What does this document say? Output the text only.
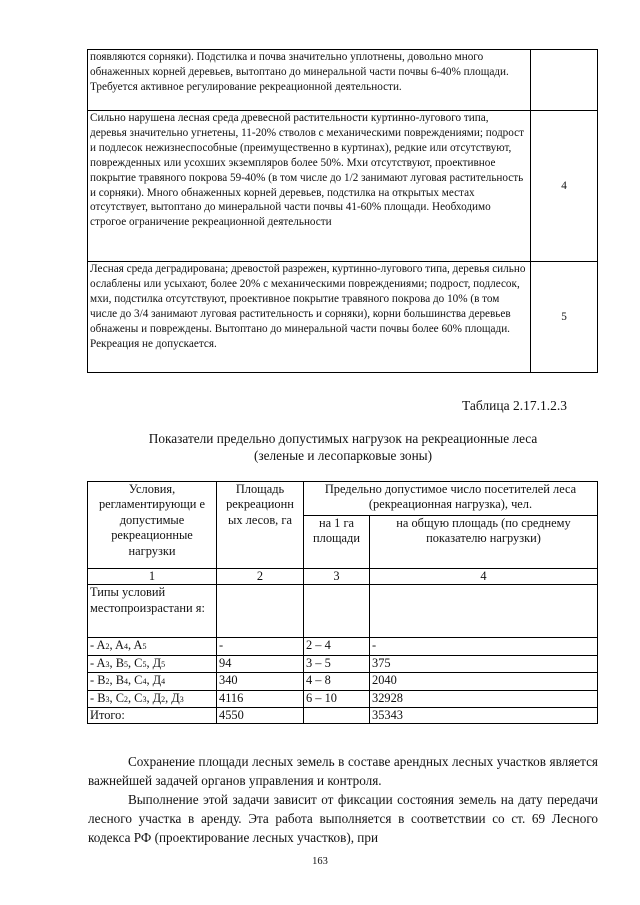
появляются сорняки). Подстилка и почва значительно уплотнены, довольно много обнаженных корней деревьев, вытоптано до минеральной части почвы 6-40% площади. Требуется активное регулирование рекреационной деятельности.	
Сильно нарушена лесная среда древесной растительности куртинно-лугового типа, деревья значительно угнетены, 11-20% стволов с механическими повреждениями; подрост и подлесок нежизнеспособные (преимущественно в куртинах), редкие или отсутствуют, поврежденных или усохших экземпляров более 50%. Мхи отсутствуют, проективное покрытие травяного покрова 59-40% (в том числе до 1/2 занимают луговая растительность и сорняки). Много обнаженных корней деревьев, подстилка на открытых местах отсутствует, вытоптано до минеральной части почвы 41-60% площади. Необходимо строгое ограничение рекреационной деятельности	4
Лесная среда деградирована; древостой разрежен, куртинно-лугового типа, деревья сильно ослаблены или усыхают, более 20% с механическими повреждениями; подрост, подлесок, мхи, подстилка отсутствуют, проективное покрытие травяного покрова до 10% (в том числе до 3/4 занимают луговая растительность и сорняки), корни большинства деревьев обнажены и повреждены. Вытоптано до минеральной части почвы более 60% площади. Рекреация не допускается.	5
Таблица 2.17.1.2.3
Показатели предельно допустимых нагрузок на рекреационные леса
(зеленые и лесопарковые зоны)
Условия, регламентирующи е допустимые рекреационные нагрузки	Площадь рекреационн ых лесов, га	Предельно допустимое число посетителей леса (рекреационная нагрузка), чел.	
		на 1 га площади	на общую площадь (по среднему показателю нагрузки)
1	2	3	4
Типы условий местопроизрастани я:			
- A2, A4, A5	-	2 – 4	-
- A3, B5, C5, Д5	94	3 – 5	375
- B2, B4, C4, Д4	340	4 – 8	2040
- B3, C2, C3, Д2, Д3	4116	6 – 10	32928
Итого:	4550		35343
Сохранение площади лесных земель в составе арендных лесных участков является важнейшей задачей органов управления и контроля.
Выполнение этой задачи зависит от фиксации состояния земель на дату передачи лесного участка в аренду. Эта работа выполняется в соответствии со ст. 69 Лесного кодекса РФ (проектирование лесных участков), при
163
